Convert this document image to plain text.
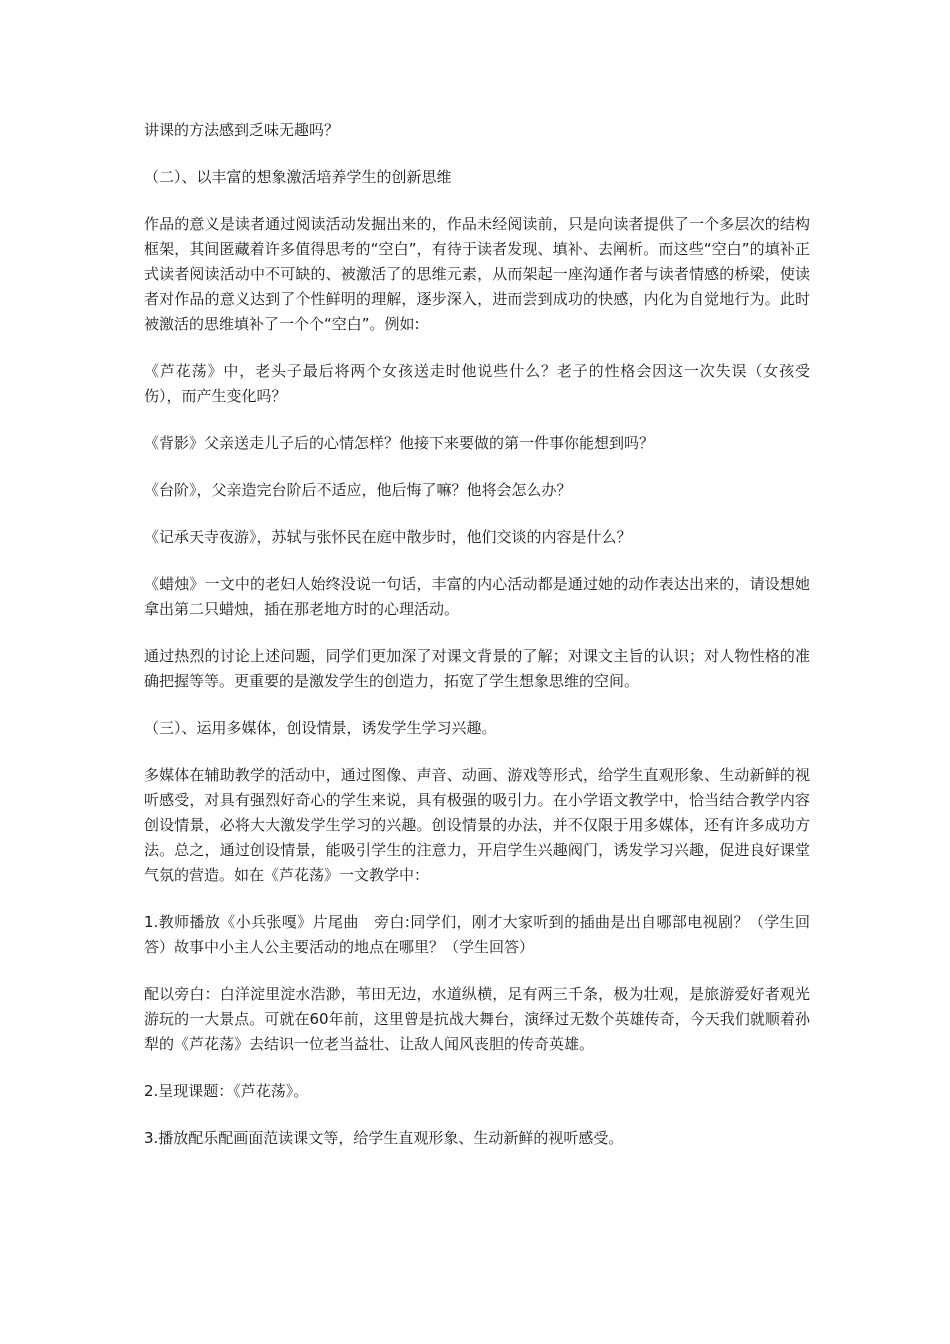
讲课的方法感到乏味无趣吗？

（二）、以丰富的想象激活培养学生的创新思维

作品的意义是读者通过阅读活动发掘出来的，作品未经阅读前，只是向读者提供了一个多层次的结构框架，其间匿藏着许多值得思考的“空白”，有待于读者发现、填补、去阐析。而这些“空白”的填补正式读者阅读活动中不可缺的、被激活了的思维元素，从而架起一座沟通作者与读者情感的桥梁，使读者对作品的意义达到了个性鲜明的理解，逐步深入，进而尝到成功的快感，内化为自觉地行为。此时被激活的思维填补了一个个“空白”。例如:

《芦花荡》中，老头子最后将两个女孩送走时他说些什么？老子的性格会因这一次失误（女孩受伤），而产生变化吗？

《背影》父亲送走儿子后的心情怎样？他接下来要做的第一件事你能想到吗？

《台阶》，父亲造完台阶后不适应，他后悔了嘛？他将会怎么办？

《记承天寺夜游》，苏轼与张怀民在庭中散步时，他们交谈的内容是什么？

《蜡烛》一文中的老妇人始终没说一句话，丰富的内心活动都是通过她的动作表达出来的，请设想她拿出第二只蜡烛，插在那老地方时的心理活动。

通过热烈的讨论上述问题，同学们更加深了对课文背景的了解；对课文主旨的认识；对人物性格的准确把握等等。更重要的是激发学生的创造力，拓宽了学生想象思维的空间。

（三）、运用多媒体，创设情景，诱发学生学习兴趣。

多媒体在辅助教学的活动中，通过图像、声音、动画、游戏等形式，给学生直观形象、生动新鲜的视听感受，对具有强烈好奇心的学生来说，具有极强的吸引力。在小学语文教学中，恰当结合教学内容创设情景，必将大大激发学生学习的兴趣。创设情景的办法，并不仅限于用多媒体，还有许多成功方法。总之，通过创设情景，能吸引学生的注意力，开启学生兴趣阀门，诱发学习兴趣，促进良好课堂气氛的营造。如在《芦花荡》一文教学中：

1.教师播放《小兵张嘎》片尾曲　旁白:同学们，刚才大家听到的插曲是出自哪部电视剧？（学生回答）故事中小主人公主要活动的地点在哪里？（学生回答）

配以旁白：白洋淀里淀水浩渺，苇田无边，水道纵横，足有两三千条，极为壮观，是旅游爱好者观光游玩的一大景点。可就在60年前，这里曾是抗战大舞台，演绎过无数个英雄传奇，今天我们就顺着孙犁的《芦花荡》去结识一位老当益壮、让敌人闻风丧胆的传奇英雄。

2.呈现课题：《芦花荡》。

3.播放配乐配画面范读课文等，给学生直观形象、生动新鲜的视听感受。
